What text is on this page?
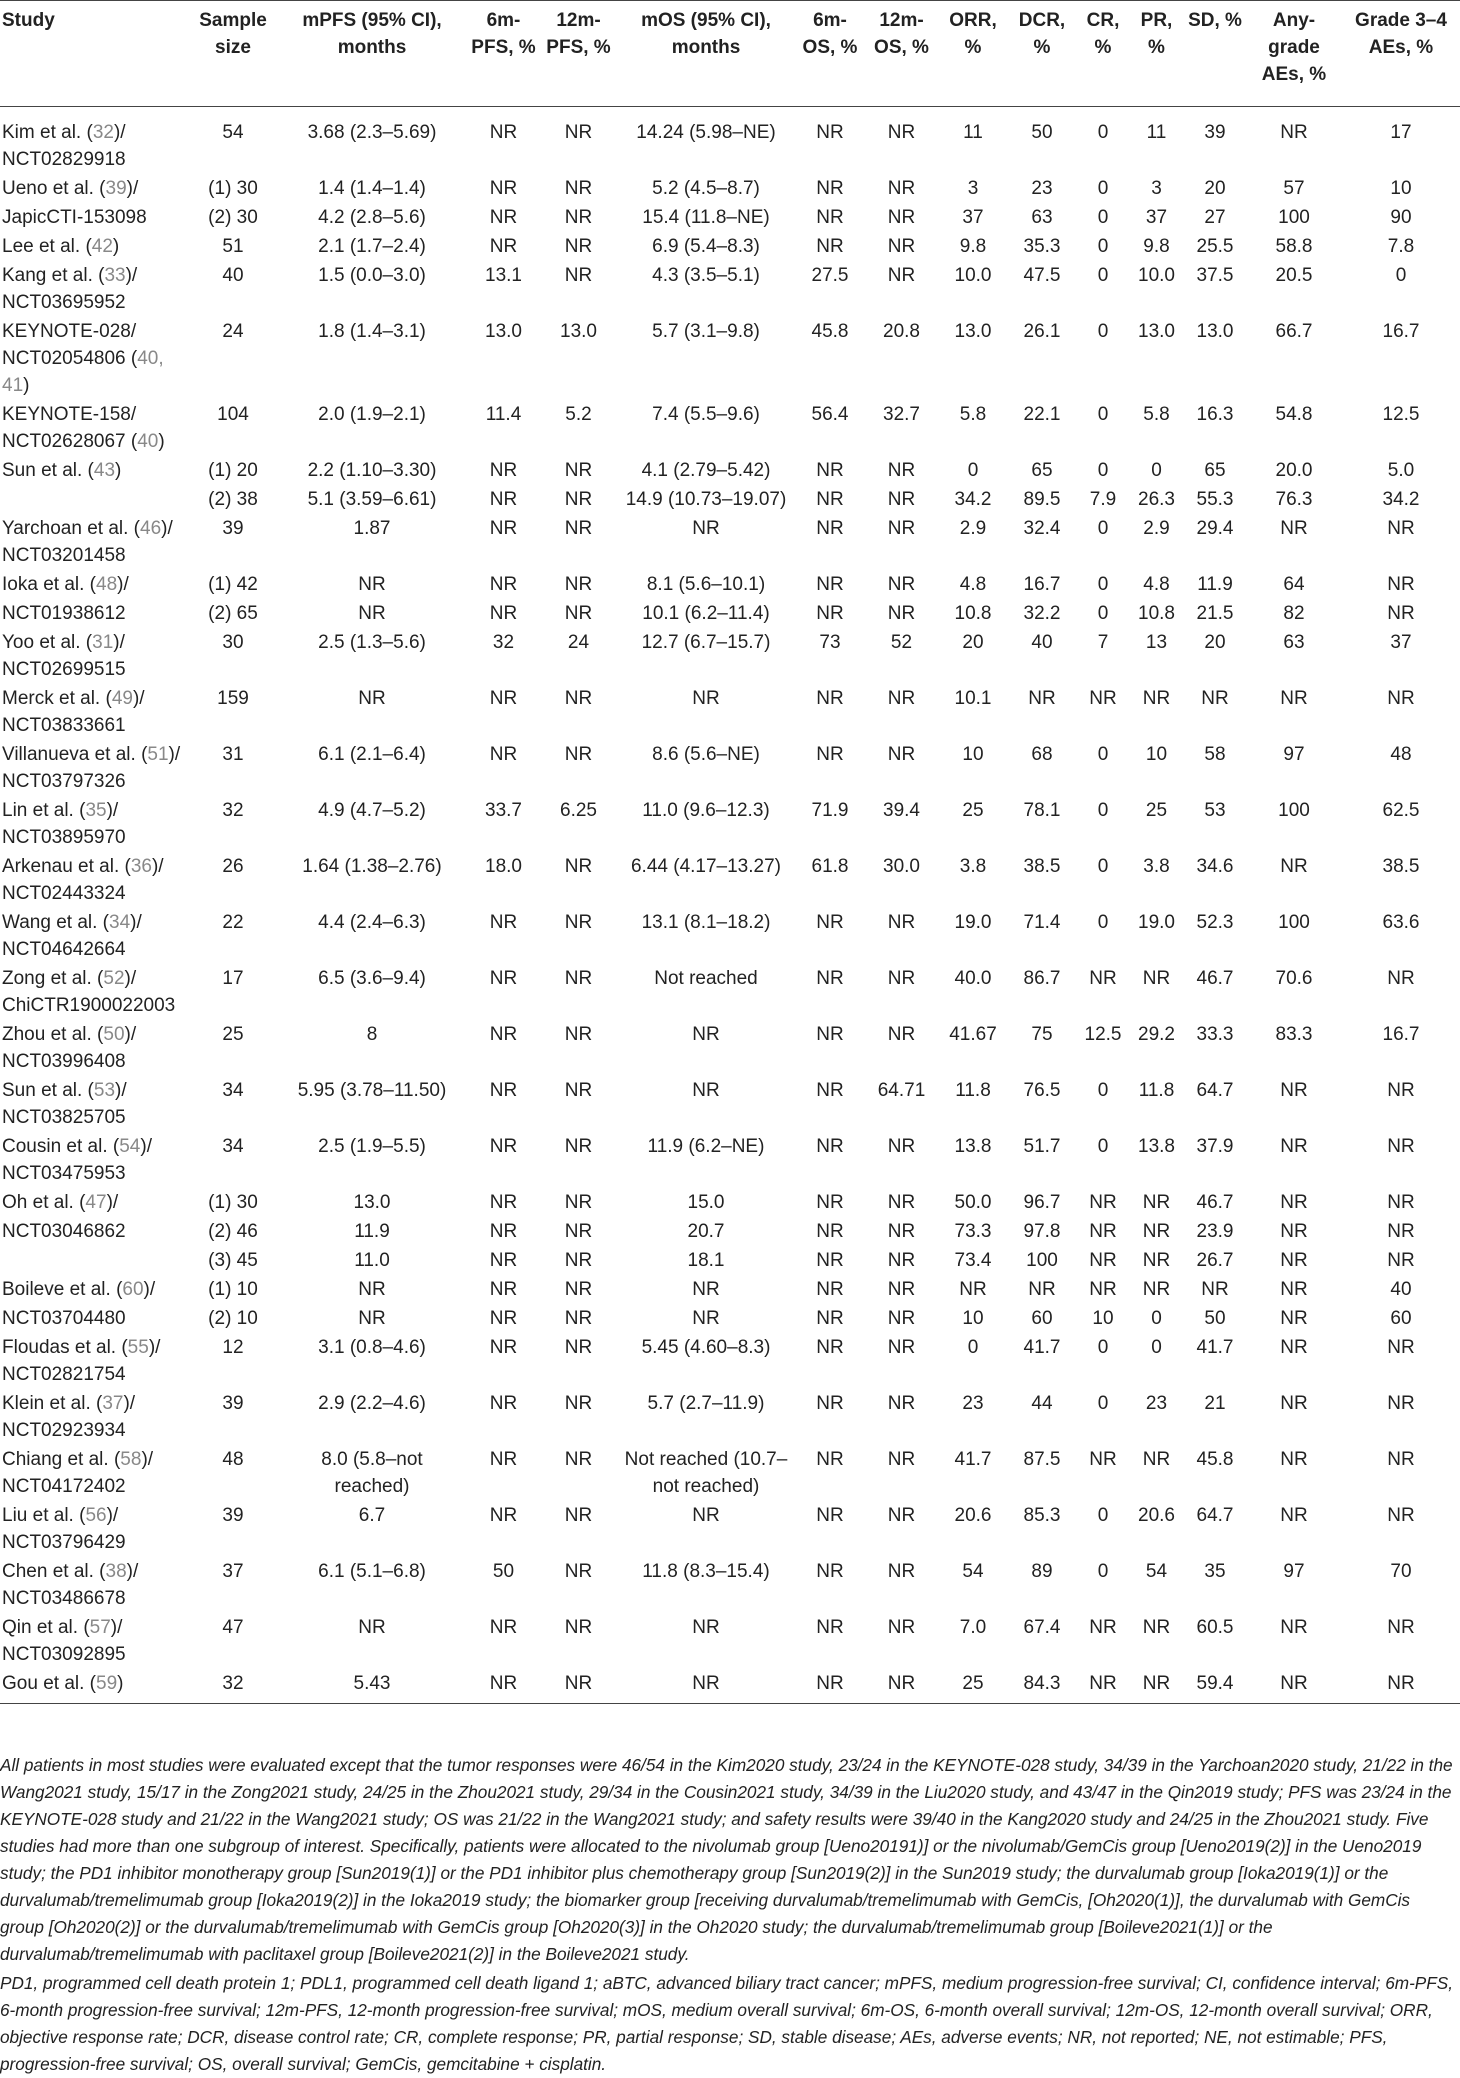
Study	Sample size	mPFS (95% CI), months	6m-PFS, %	12m-PFS, %	mOS (95% CI), months	6m-OS, %	12m-OS, %	ORR, %	DCR, %	CR, %	PR, %	SD, %	Any-grade AEs, %	Grade 3–4 AEs, %
Kim et al. (32)/ NCT02829918	54	3.68 (2.3–5.69)	NR	NR	14.24 (5.98–NE)	NR	NR	11	50	0	11	39	NR	17
Ueno et al. (39)/	(1) 30	1.4 (1.4–1.4)	NR	NR	5.2 (4.5–8.7)	NR	NR	3	23	0	3	20	57	10
JapicCTI-153098	(2) 30	4.2 (2.8–5.6)	NR	NR	15.4 (11.8–NE)	NR	NR	37	63	0	37	27	100	90
Lee et al. (42)	51	2.1 (1.7–2.4)	NR	NR	6.9 (5.4–8.3)	NR	NR	9.8	35.3	0	9.8	25.5	58.8	7.8
Kang et al. (33)/ NCT03695952	40	1.5 (0.0–3.0)	13.1	NR	4.3 (3.5–5.1)	27.5	NR	10.0	47.5	0	10.0	37.5	20.5	0
KEYNOTE-028/ NCT02054806 (40, 41)	24	1.8 (1.4–3.1)	13.0	13.0	5.7 (3.1–9.8)	45.8	20.8	13.0	26.1	0	13.0	13.0	66.7	16.7
KEYNOTE-158/ NCT02628067 (40)	104	2.0 (1.9–2.1)	11.4	5.2	7.4 (5.5–9.6)	56.4	32.7	5.8	22.1	0	5.8	16.3	54.8	12.5
Sun et al. (43)	(1) 20	2.2 (1.10–3.30)	NR	NR	4.1 (2.79–5.42)	NR	NR	0	65	0	0	65	20.0	5.0
	(2) 38	5.1 (3.59–6.61)	NR	NR	14.9 (10.73–19.07)	NR	NR	34.2	89.5	7.9	26.3	55.3	76.3	34.2
Yarchoan et al. (46)/ NCT03201458	39	1.87	NR	NR	NR	NR	NR	2.9	32.4	0	2.9	29.4	NR	NR
Ioka et al. (48)/	(1) 42	NR	NR	NR	8.1 (5.6–10.1)	NR	NR	4.8	16.7	0	4.8	11.9	64	NR
NCT01938612	(2) 65	NR	NR	NR	10.1 (6.2–11.4)	NR	NR	10.8	32.2	0	10.8	21.5	82	NR
Yoo et al. (31)/ NCT02699515	30	2.5 (1.3–5.6)	32	24	12.7 (6.7–15.7)	73	52	20	40	7	13	20	63	37
Merck et al. (49)/ NCT03833661	159	NR	NR	NR	NR	NR	NR	10.1	NR	NR	NR	NR	NR	NR
Villanueva et al. (51)/ NCT03797326	31	6.1 (2.1–6.4)	NR	NR	8.6 (5.6–NE)	NR	NR	10	68	0	10	58	97	48
Lin et al. (35)/ NCT03895970	32	4.9 (4.7–5.2)	33.7	6.25	11.0 (9.6–12.3)	71.9	39.4	25	78.1	0	25	53	100	62.5
Arkenau et al. (36)/ NCT02443324	26	1.64 (1.38–2.76)	18.0	NR	6.44 (4.17–13.27)	61.8	30.0	3.8	38.5	0	3.8	34.6	NR	38.5
Wang et al. (34)/ NCT04642664	22	4.4 (2.4–6.3)	NR	NR	13.1 (8.1–18.2)	NR	NR	19.0	71.4	0	19.0	52.3	100	63.6
Zong et al. (52)/ ChiCTR1900022003	17	6.5 (3.6–9.4)	NR	NR	Not reached	NR	NR	40.0	86.7	NR	NR	46.7	70.6	NR
Zhou et al. (50)/ NCT03996408	25	8	NR	NR	NR	NR	NR	41.67	75	12.5	29.2	33.3	83.3	16.7
Sun et al. (53)/ NCT03825705	34	5.95 (3.78–11.50)	NR	NR	NR	NR	64.71	11.8	76.5	0	11.8	64.7	NR	NR
Cousin et al. (54)/ NCT03475953	34	2.5 (1.9–5.5)	NR	NR	11.9 (6.2–NE)	NR	NR	13.8	51.7	0	13.8	37.9	NR	NR
Oh et al. (47)/	(1) 30	13.0	NR	NR	15.0	NR	NR	50.0	96.7	NR	NR	46.7	NR	NR
NCT03046862	(2) 46	11.9	NR	NR	20.7	NR	NR	73.3	97.8	NR	NR	23.9	NR	NR
	(3) 45	11.0	NR	NR	18.1	NR	NR	73.4	100	NR	NR	26.7	NR	NR
Boileve et al. (60)/	(1) 10	NR	NR	NR	NR	NR	NR	NR	NR	NR	NR	NR	NR	40
NCT03704480	(2) 10	NR	NR	NR	NR	NR	NR	10	60	10	0	50	NR	60
Floudas et al. (55)/ NCT02821754	12	3.1 (0.8–4.6)	NR	NR	5.45 (4.60–8.3)	NR	NR	0	41.7	0	0	41.7	NR	NR
Klein et al. (37)/ NCT02923934	39	2.9 (2.2–4.6)	NR	NR	5.7 (2.7–11.9)	NR	NR	23	44	0	23	21	NR	NR
Chiang et al. (58)/ NCT04172402	48	8.0 (5.8–not reached)	NR	NR	Not reached (10.7–not reached)	NR	NR	41.7	87.5	NR	NR	45.8	NR	NR
Liu et al. (56)/ NCT03796429	39	6.7	NR	NR	NR	NR	NR	20.6	85.3	0	20.6	64.7	NR	NR
Chen et al. (38)/ NCT03486678	37	6.1 (5.1–6.8)	50	NR	11.8 (8.3–15.4)	NR	NR	54	89	0	54	35	97	70
Qin et al. (57)/ NCT03092895	47	NR	NR	NR	NR	NR	NR	7.0	67.4	NR	NR	60.5	NR	NR
Gou et al. (59)	32	5.43	NR	NR	NR	NR	NR	25	84.3	NR	NR	59.4	NR	NR

All patients in most studies were evaluated except that the tumor responses were 46/54 in the Kim2020 study, 23/24 in the KEYNOTE-028 study, 34/39 in the Yarchoan2020 study, 21/22 in the Wang2021 study, 15/17 in the Zong2021 study, 24/25 in the Zhou2021 study, 29/34 in the Cousin2021 study, 34/39 in the Liu2020 study, and 43/47 in the Qin2019 study; PFS was 23/24 in the KEYNOTE-028 study and 21/22 in the Wang2021 study; OS was 21/22 in the Wang2021 study; and safety results were 39/40 in the Kang2020 study and 24/25 in the Zhou2021 study. Five studies had more than one subgroup of interest. Specifically, patients were allocated to the nivolumab group [Ueno20191)] or the nivolumab/GemCis group [Ueno2019(2)] in the Ueno2019 study; the PD1 inhibitor monotherapy group [Sun2019(1)] or the PD1 inhibitor plus chemotherapy group [Sun2019(2)] in the Sun2019 study; the durvalumab group [Ioka2019(1)] or the durvalumab/tremelimumab group [Ioka2019(2)] in the Ioka2019 study; the biomarker group [receiving durvalumab/tremelimumab with GemCis, [Oh2020(1)], the durvalumab with GemCis group [Oh2020(2)] or the durvalumab/tremelimumab with GemCis group [Oh2020(3)] in the Oh2020 study; the durvalumab/tremelimumab group [Boileve2021(1)] or the durvalumab/tremelimumab with paclitaxel group [Boileve2021(2)] in the Boileve2021 study.

PD1, programmed cell death protein 1; PDL1, programmed cell death ligand 1; aBTC, advanced biliary tract cancer; mPFS, medium progression-free survival; CI, confidence interval; 6m-PFS, 6-month progression-free survival; 12m-PFS, 12-month progression-free survival; mOS, medium overall survival; 6m-OS, 6-month overall survival; 12m-OS, 12-month overall survival; ORR, objective response rate; DCR, disease control rate; CR, complete response; PR, partial response; SD, stable disease; AEs, adverse events; NR, not reported; NE, not estimable; PFS, progression-free survival; OS, overall survival; GemCis, gemcitabine + cisplatin.
